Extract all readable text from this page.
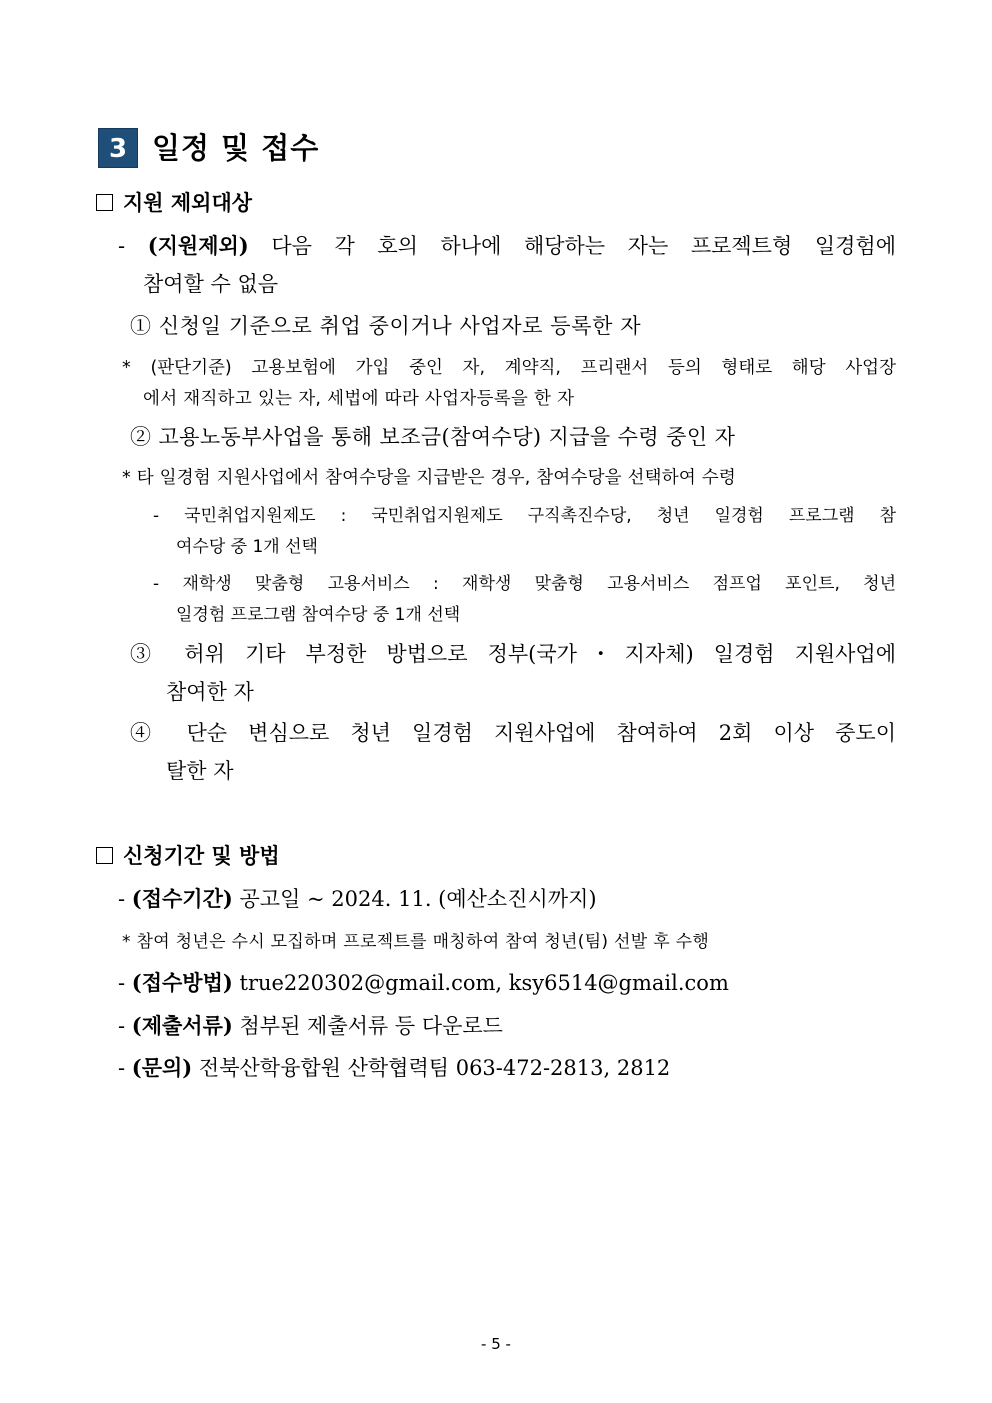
3 일정 및 접수
지원 제외대상
- (지원제외) 다음 각 호의 하나에 해당하는 자는 프로젝트형 일경험에
참여할 수 없음
① 신청일 기준으로 취업 중이거나 사업자로 등록한 자
* (판단기준) 고용보험에 가입 중인 자, 계약직, 프리랜서 등의 형태로 해당 사업장
에서 재직하고 있는 자, 세법에 따라 사업자등록을 한 자
② 고용노동부사업을 통해 보조금(참여수당) 지급을 수령 중인 자
* 타 일경험 지원사업에서 참여수당을 지급받은 경우, 참여수당을 선택하여 수령
- 국민취업지원제도 : 국민취업지원제도 구직촉진수당, 청년 일경험 프로그램 참
여수당 중 1개 선택
- 재학생 맞춤형 고용서비스 : 재학생 맞춤형 고용서비스 점프업 포인트, 청년
일경험 프로그램 참여수당 중 1개 선택
③ 허위 기타 부정한 방법으로 정부(국가・지자체) 일경험 지원사업에
참여한 자
④ 단순 변심으로 청년 일경험 지원사업에 참여하여 2회 이상 중도이
탈한 자
신청기간 및 방법
- (접수기간) 공고일 ~ 2024. 11. (예산소진시까지)
* 참여 청년은 수시 모집하며 프로젝트를 매칭하여 참여 청년(팀) 선발 후 수행
- (접수방법) true220302@gmail.com, ksy6514@gmail.com
- (제출서류) 첨부된 제출서류 등 다운로드
- (문의) 전북산학융합원 산학협력팀 063-472-2813, 2812
- 5 -
